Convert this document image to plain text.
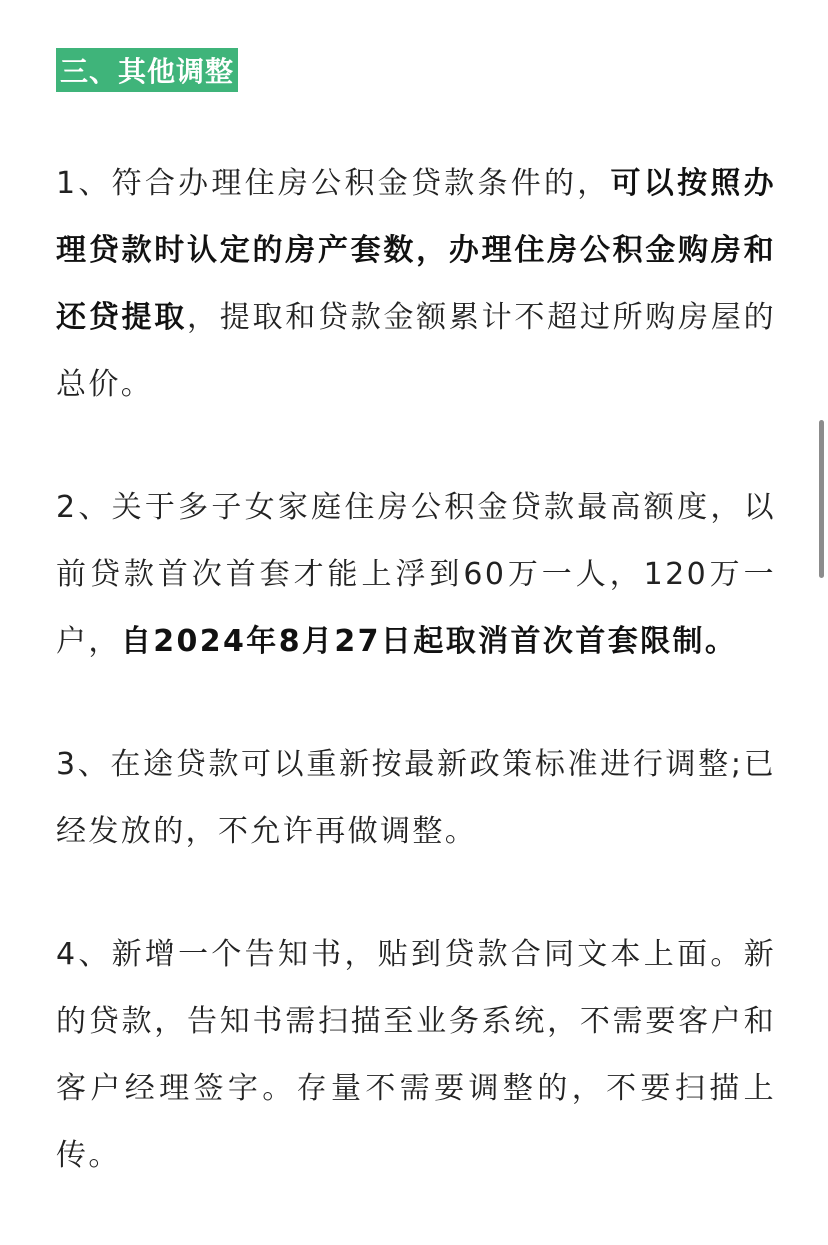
三、其他调整

1、符合办理住房公积金贷款条件的，可以按照办理贷款时认定的房产套数，办理住房公积金购房和还贷提取，提取和贷款金额累计不超过所购房屋的总价。

2、关于多子女家庭住房公积金贷款最高额度，以前贷款首次首套才能上浮到60万一人，120万一户，自2024年8月27日起取消首次首套限制。

3、在途贷款可以重新按最新政策标准进行调整;已经发放的，不允许再做调整。

4、新增一个告知书，贴到贷款合同文本上面。新的贷款，告知书需扫描至业务系统，不需要客户和客户经理签字。存量不需要调整的，不要扫描上传。
